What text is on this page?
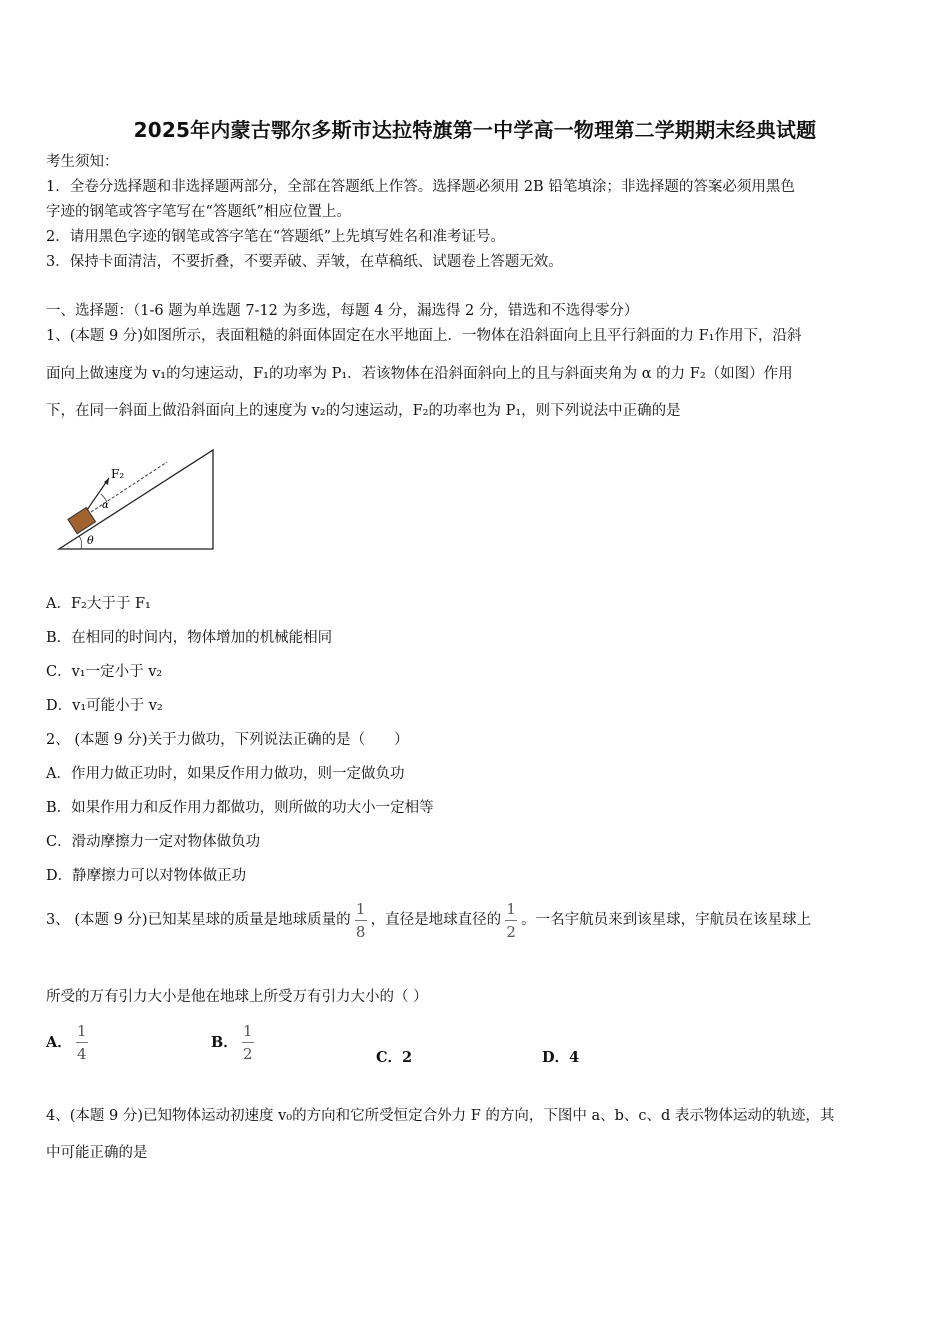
2025年内蒙古鄂尔多斯市达拉特旗第一中学高一物理第二学期期末经典试题
考生须知：
1．全卷分选择题和非选择题两部分，全部在答题纸上作答。选择题必须用 2B 铅笔填涂；非选择题的答案必须用黑色
字迹的钢笔或答字笔写在“答题纸”相应位置上。
2．请用黑色字迹的钢笔或答字笔在“答题纸”上先填写姓名和准考证号。
3．保持卡面清洁，不要折叠，不要弄破、弄皱，在草稿纸、试题卷上答题无效。
一、选择题：（1-6 题为单选题 7-12 为多选，每题 4 分，漏选得 2 分，错选和不选得零分）
1、(本题 9 分)如图所示，表面粗糙的斜面体固定在水平地面上．一物体在沿斜面向上且平行斜面的力 F₁作用下，沿斜
面向上做速度为 v₁的匀速运动，F₁的功率为 P₁．若该物体在沿斜面斜向上的且与斜面夹角为 α 的力 F₂（如图）作用
下，在同一斜面上做沿斜面向上的速度为 v₂的匀速运动，F₂的功率也为 P₁，则下列说法中正确的是
F₂
α
θ
A．F₂大于于 F₁
B．在相同的时间内，物体增加的机械能相同
C．v₁一定小于 v₂
D．v₁可能小于 v₂
2、 (本题 9 分)关于力做功，下列说法正确的是（　　）
A．作用力做正功时，如果反作用力做功，则一定做负功
B．如果作用力和反作用力都做功，则所做的功大小一定相等
C．滑动摩擦力一定对物体做负功
D．静摩擦力可以对物体做正功
3、 (本题 9 分)已知某星球的质量是地球质量的 $\frac{1}{8}$ ，直径是地球直径的 $\frac{1}{2}$ 。一名宇航员来到该星球，宇航员在该星球上
所受的万有引力大小是他在地球上所受万有引力大小的（ ）
A． $\frac{1}{4}$	B． $\frac{1}{2}$	C．2	D．4
4、(本题 9 分)已知物体运动初速度 v₀的方向和它所受恒定合外力 F 的方向，下图中 a、b、c、d 表示物体运动的轨迹，其
中可能正确的是
